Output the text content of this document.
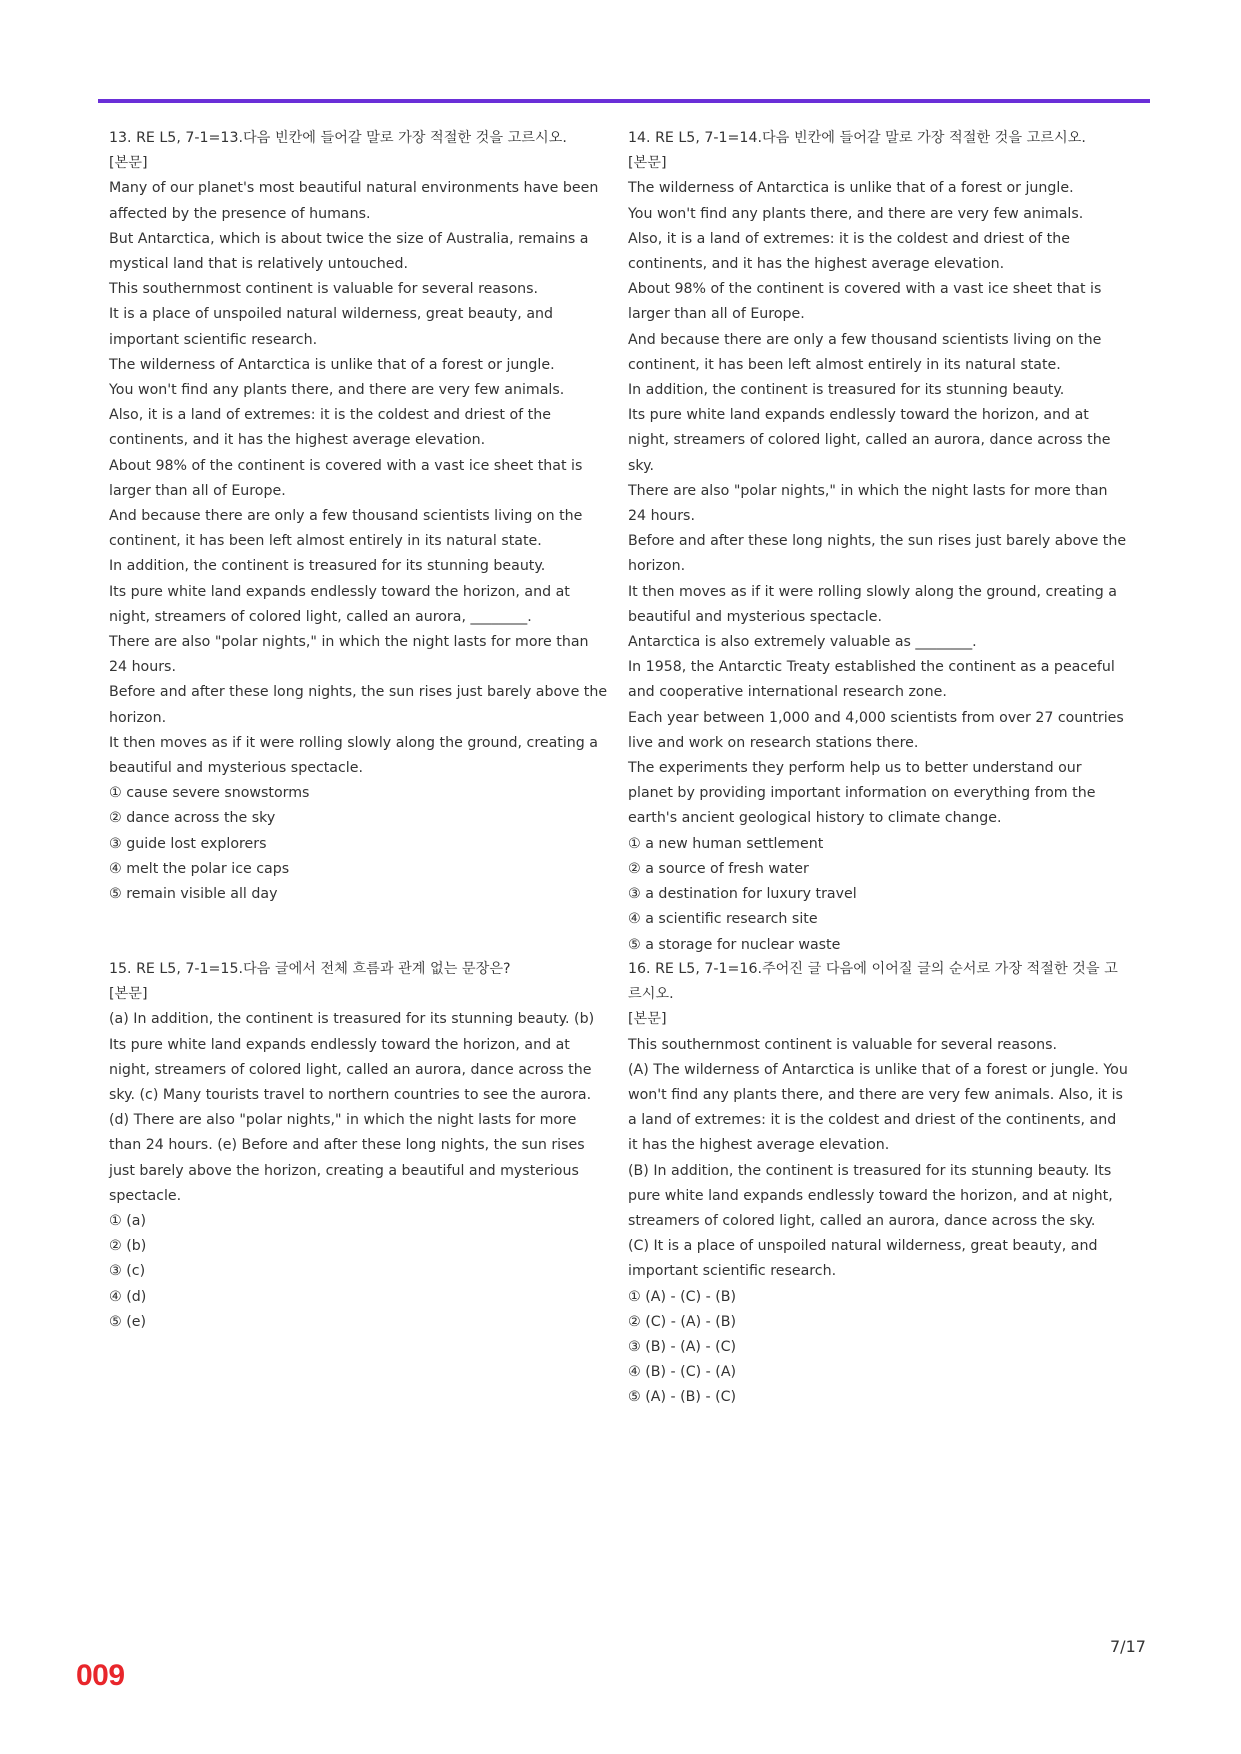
13. RE L5, 7-1=13.다음 빈칸에 들어갈 말로 가장 적절한 것을 고르시오.

[본문]

Many of our planet's most beautiful natural environments have been affected by the presence of humans.

But Antarctica, which is about twice the size of Australia, remains a mystical land that is relatively untouched.

This southernmost continent is valuable for several reasons.

It is a place of unspoiled natural wilderness, great beauty, and important scientific research.

The wilderness of Antarctica is unlike that of a forest or jungle.

You won't find any plants there, and there are very few animals.

Also, it is a land of extremes: it is the coldest and driest of the continents, and it has the highest average elevation.

About 98% of the continent is covered with a vast ice sheet that is larger than all of Europe.

And because there are only a few thousand scientists living on the continent, it has been left almost entirely in its natural state.

In addition, the continent is treasured for its stunning beauty.

Its pure white land expands endlessly toward the horizon, and at night, streamers of colored light, called an aurora, ________.

There are also "polar nights," in which the night lasts for more than 24 hours.

Before and after these long nights, the sun rises just barely above the horizon.

It then moves as if it were rolling slowly along the ground, creating a beautiful and mysterious spectacle.

① cause severe snowstorms

② dance across the sky

③ guide lost explorers

④ melt the polar ice caps

⑤ remain visible all day

14. RE L5, 7-1=14.다음 빈칸에 들어갈 말로 가장 적절한 것을 고르시오.

[본문]

The wilderness of Antarctica is unlike that of a forest or jungle.

You won't find any plants there, and there are very few animals.

Also, it is a land of extremes: it is the coldest and driest of the continents, and it has the highest average elevation.

About 98% of the continent is covered with a vast ice sheet that is larger than all of Europe.

And because there are only a few thousand scientists living on the continent, it has been left almost entirely in its natural state.

In addition, the continent is treasured for its stunning beauty.

Its pure white land expands endlessly toward the horizon, and at night, streamers of colored light, called an aurora, dance across the sky.

There are also "polar nights," in which the night lasts for more than 24 hours.

Before and after these long nights, the sun rises just barely above the horizon.

It then moves as if it were rolling slowly along the ground, creating a beautiful and mysterious spectacle.

Antarctica is also extremely valuable as ________.

In 1958, the Antarctic Treaty established the continent as a peaceful and cooperative international research zone.

Each year between 1,000 and 4,000 scientists from over 27 countries live and work on research stations there.

The experiments they perform help us to better understand our planet by providing important information on everything from the earth's ancient geological history to climate change.

① a new human settlement

② a source of fresh water

③ a destination for luxury travel

④ a scientific research site

⑤ a storage for nuclear waste

15. RE L5, 7-1=15.다음 글에서 전체 흐름과 관계 없는 문장은?

[본문]

(a) In addition, the continent is treasured for its stunning beauty. (b) Its pure white land expands endlessly toward the horizon, and at night, streamers of colored light, called an aurora, dance across the sky. (c) Many tourists travel to northern countries to see the aurora. (d) There are also "polar nights," in which the night lasts for more than 24 hours. (e) Before and after these long nights, the sun rises just barely above the horizon, creating a beautiful and mysterious spectacle.

① (a)

② (b)

③ (c)

④ (d)

⑤ (e)

16. RE L5, 7-1=16.주어진 글 다음에 이어질 글의 순서로 가장 적절한 것을 고르시오.

[본문]

This southernmost continent is valuable for several reasons.

(A) The wilderness of Antarctica is unlike that of a forest or jungle. You won't find any plants there, and there are very few animals. Also, it is a land of extremes: it is the coldest and driest of the continents, and it has the highest average elevation.

(B) In addition, the continent is treasured for its stunning beauty. Its pure white land expands endlessly toward the horizon, and at night, streamers of colored light, called an aurora, dance across the sky.

(C) It is a place of unspoiled natural wilderness, great beauty, and important scientific research.

① (A) - (C) - (B)

② (C) - (A) - (B)

③ (B) - (A) - (C)

④ (B) - (C) - (A)

⑤ (A) - (B) - (C)

7/17
009
